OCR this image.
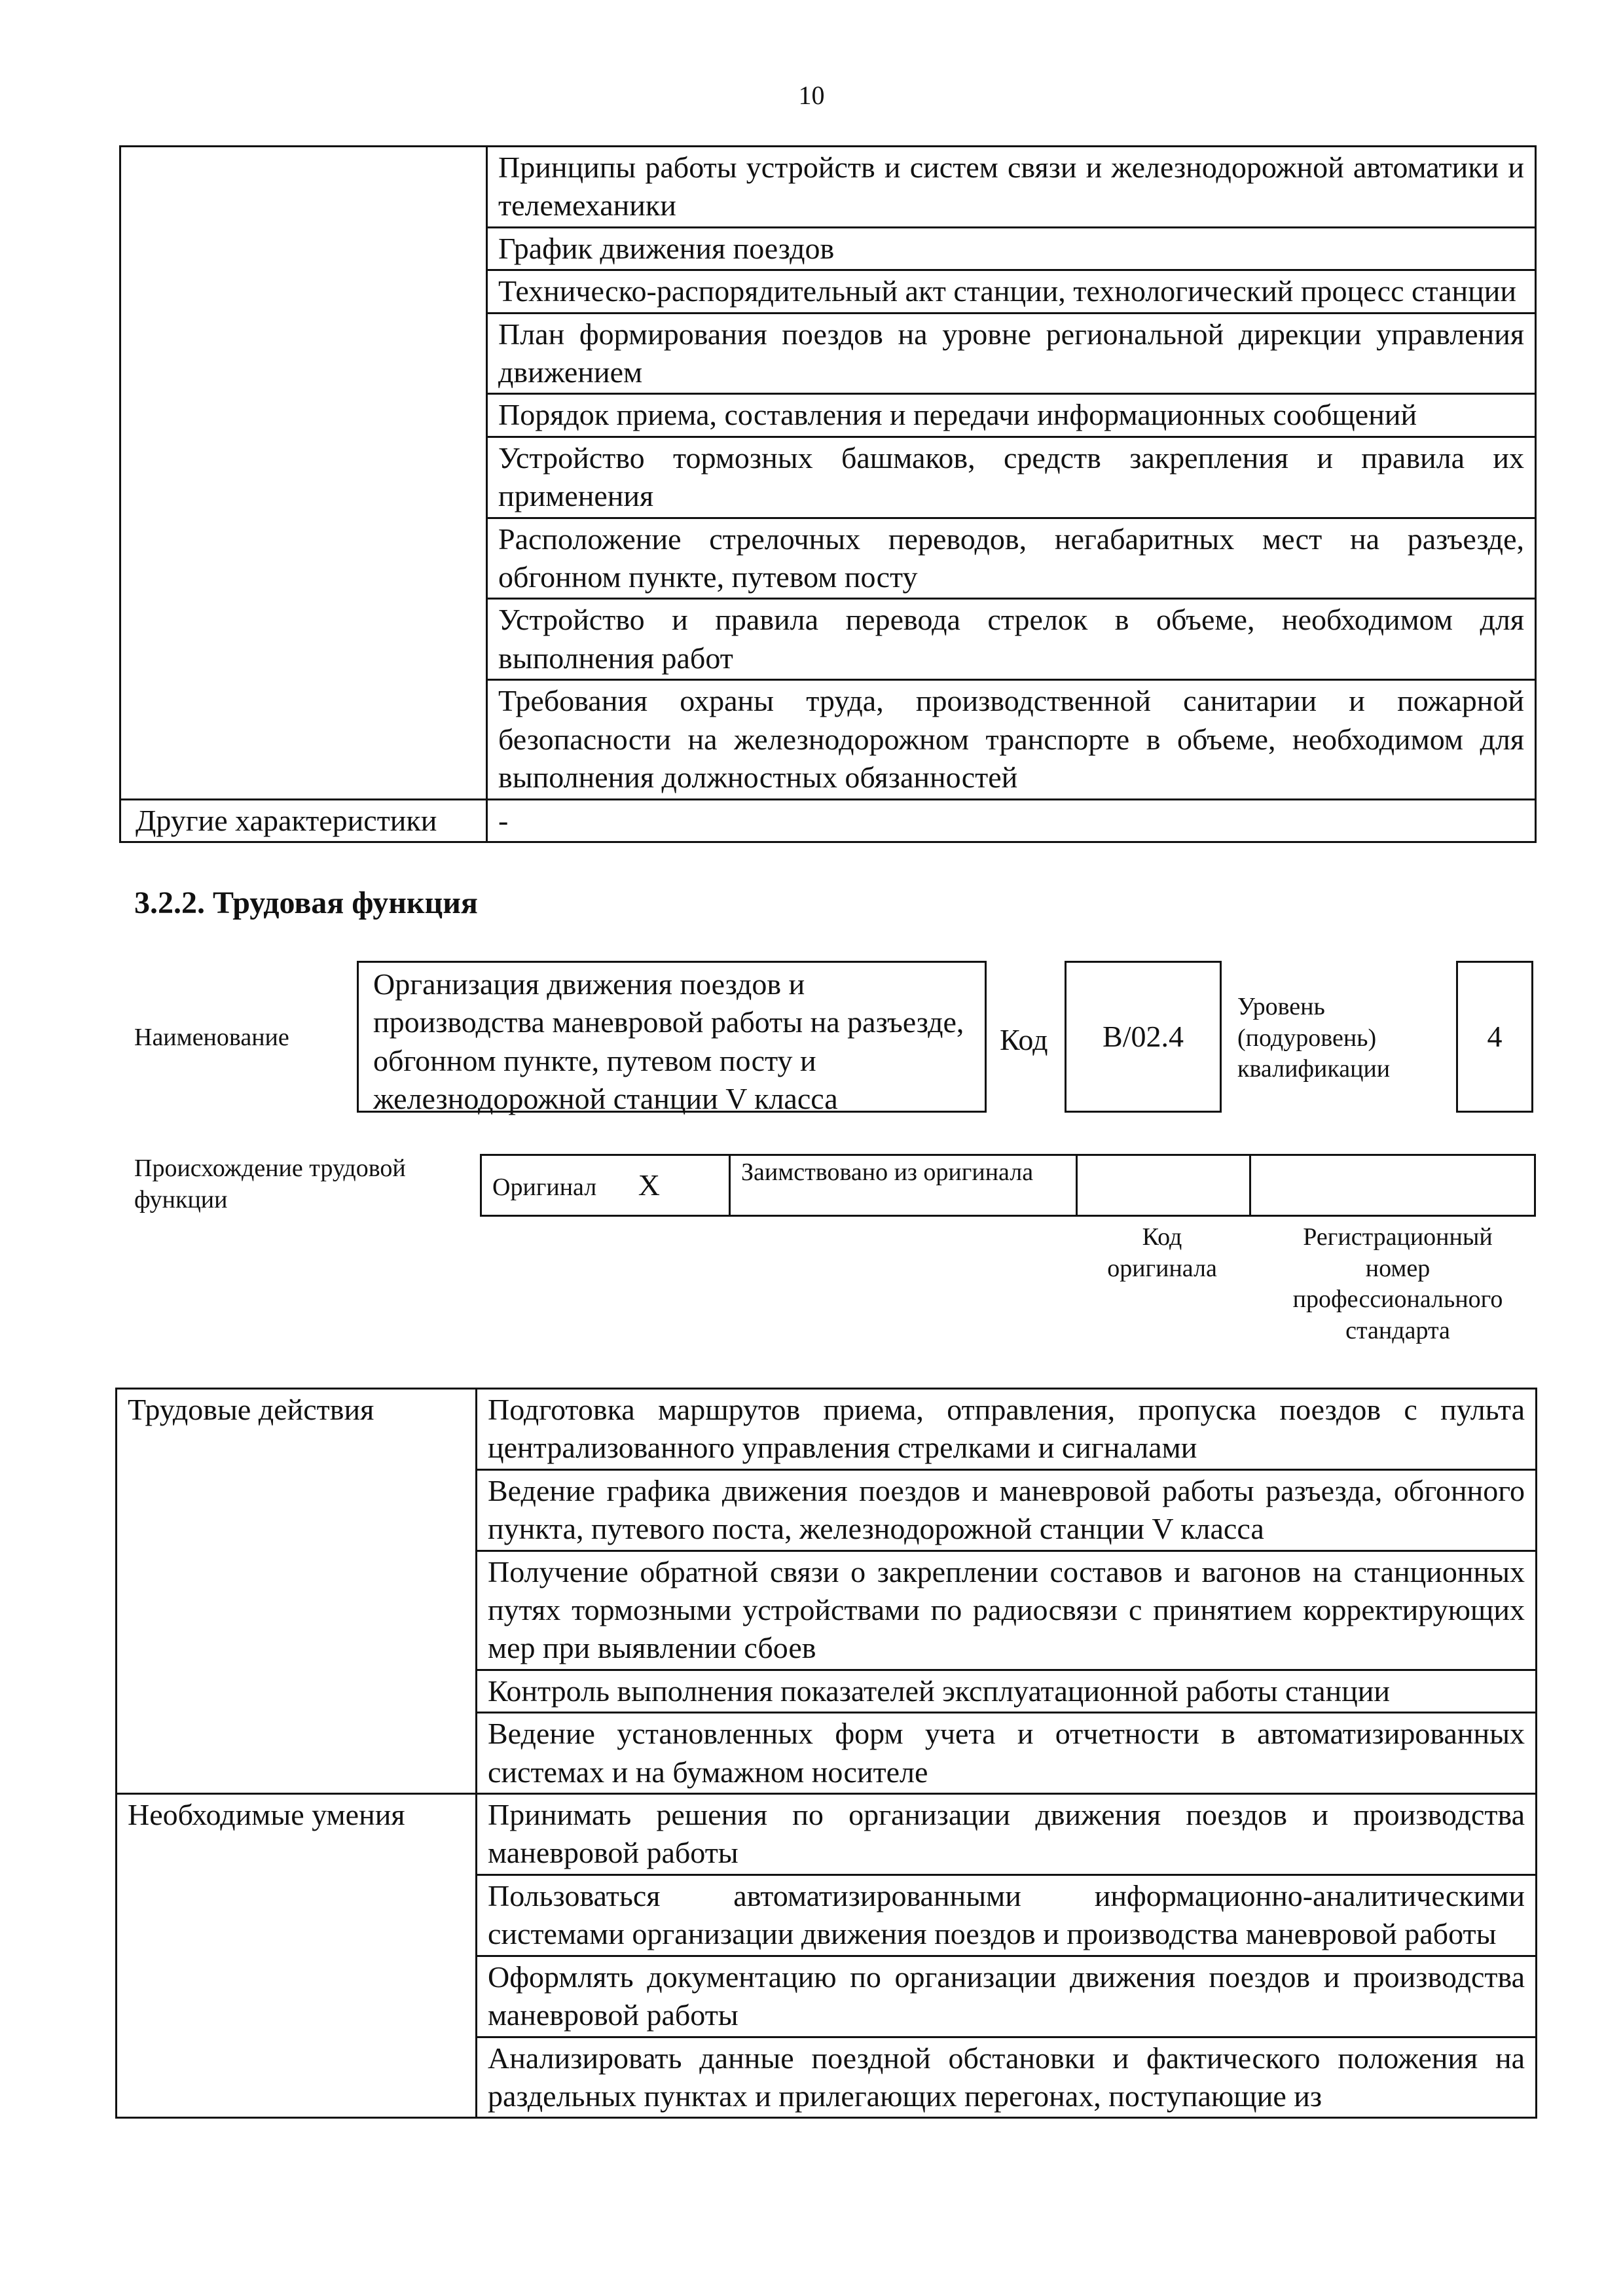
10
	Принципы работы устройств и систем связи и железнодорожной автоматики и телемеханики
	График движения поездов
	Техническо-распорядительный акт станции, технологический процесс станции
	План формирования поездов на уровне региональной дирекции управления движением
	Порядок приема, составления и передачи информационных сообщений
	Устройство тормозных башмаков, средств закрепления и правила их применения
	Расположение стрелочных переводов, негабаритных мест на разъезде, обгонном пункте, путевом посту
	Устройство и правила перевода стрелок в объеме, необходимом для выполнения работ
	Требования охраны труда, производственной санитарии и пожарной безопасности на железнодорожном транспорте в объеме, необходимом для выполнения должностных обязанностей
Другие характеристики	-
3.2.2. Трудовая функция
Наименование
Организация движения поездов и производства маневровой работы на разъезде, обгонном пункте, путевом посту и железнодорожной станции V класса
Код B/02.4
Уровень (подуровень) квалификации
4
Происхождение трудовой функции	Оригинал X	Заимствовано из оригинала		
Код оригинала
Регистрационный номер профессионального стандарта
Трудовые действия	Подготовка маршрутов приема, отправления, пропуска поездов с пульта централизованного управления стрелками и сигналами
	Ведение графика движения поездов и маневровой работы разъезда, обгонного пункта, путевого поста, железнодорожной станции V класса
	Получение обратной связи о закреплении составов и вагонов на станционных путях тормозными устройствами по радиосвязи с принятием корректирующих мер при выявлении сбоев
	Контроль выполнения показателей эксплуатационной работы станции
	Ведение установленных форм учета и отчетности в автоматизированных системах и на бумажном носителе
Необходимые умения	Принимать решения по организации движения поездов и производства маневровой работы
	Пользоваться автоматизированными информационно-аналитическими системами организации движения поездов и производства маневровой работы
	Оформлять документацию по организации движения поездов и производства маневровой работы
	Анализировать данные поездной обстановки и фактического положения на раздельных пунктах и прилегающих перегонах, поступающие из
